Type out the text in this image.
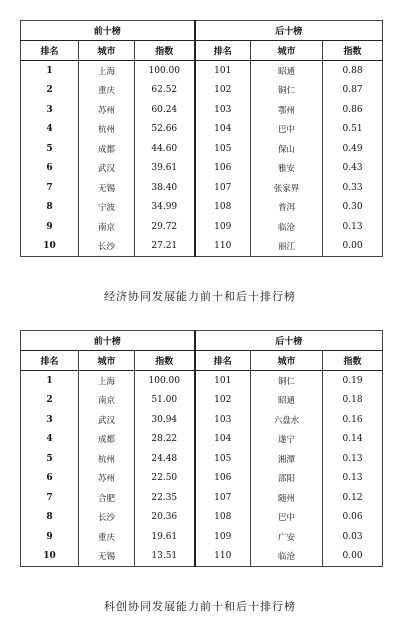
前十榜			后十榜		
排名	城市	指数	排名	城市	指数
1	上海	100.00	101	昭通	0.88
2	重庆	62.52	102	铜仁	0.87
3	苏州	60.24	103	鄂州	0.86
4	杭州	52.66	104	巴中	0.51
5	成都	44.60	105	保山	0.49
6	武汉	39.61	106	雅安	0.43
7	无锡	38.40	107	张家界	0.33
8	宁波	34.99	108	普洱	0.30
9	南京	29.72	109	临沧	0.13
10	长沙	27.21	110	丽江	0.00
经济协同发展能力前十和后十排行榜
前十榜			后十榜		
排名	城市	指数	排名	城市	指数
1	上海	100.00	101	铜仁	0.19
2	南京	51.00	102	昭通	0.18
3	武汉	30.94	103	六盘水	0.16
4	成都	28.22	104	遂宁	0.14
5	杭州	24.48	105	湘潭	0.13
6	苏州	22.50	106	邵阳	0.13
7	合肥	22.35	107	随州	0.12
8	长沙	20.36	108	巴中	0.06
9	重庆	19.61	109	广安	0.03
10	无锡	13.51	110	临沧	0.00
科创协同发展能力前十和后十排行榜
